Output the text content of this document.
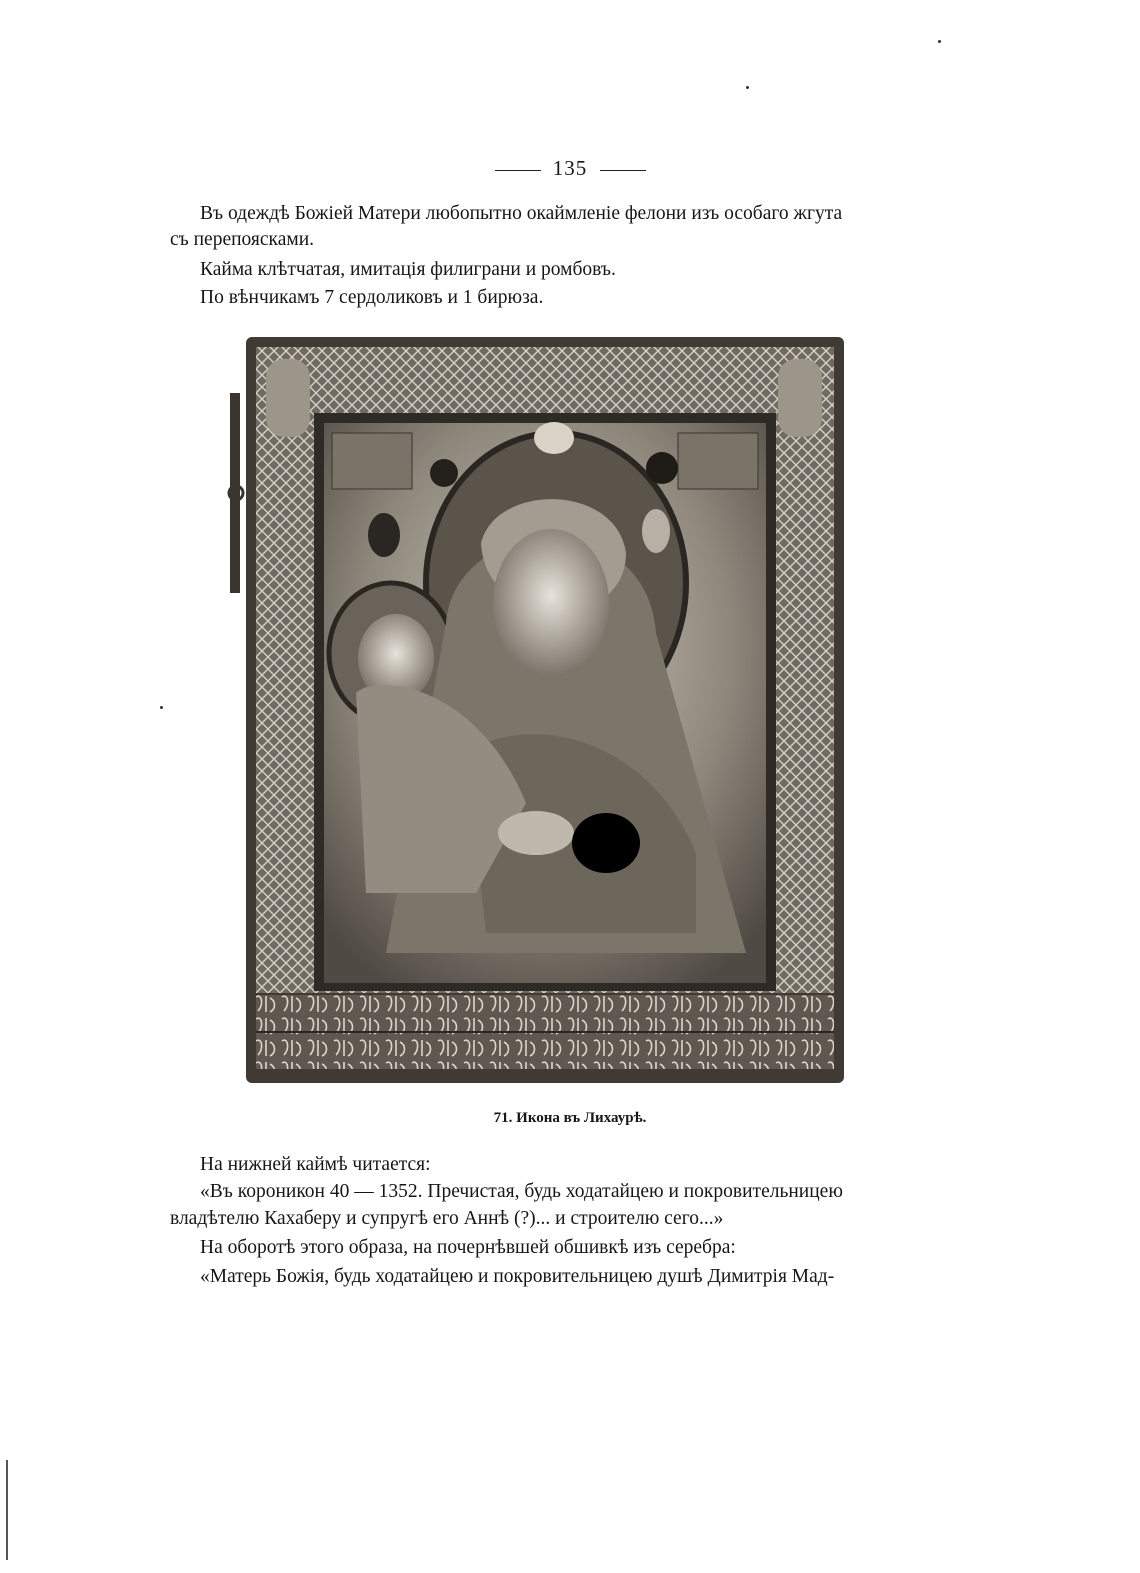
135

Въ одеждѣ Божіей Матери любопытно окаймленіе фелони изъ особаго жгута

съ перепоясками.

Кайма клѣтчатая, имитація филиграни и ромбовъ.

По вѣнчикамъ 7 сердоликовъ и 1 бирюза.

71. Икона въ Лихаурѣ.

На нижней каймѣ читается:

«Въ короникон 40 — 1352. Пречистая, будь ходатайцею и покровительницею

владѣтелю Кахаберу и супругѣ его Аннѣ (?)... и строителю сего...»

На оборотѣ этого образа, на почернѣвшей обшивкѣ изъ серебра:

«Матерь Божія, будь ходатайцею и покровительницею душѣ Димитрія Мад-
